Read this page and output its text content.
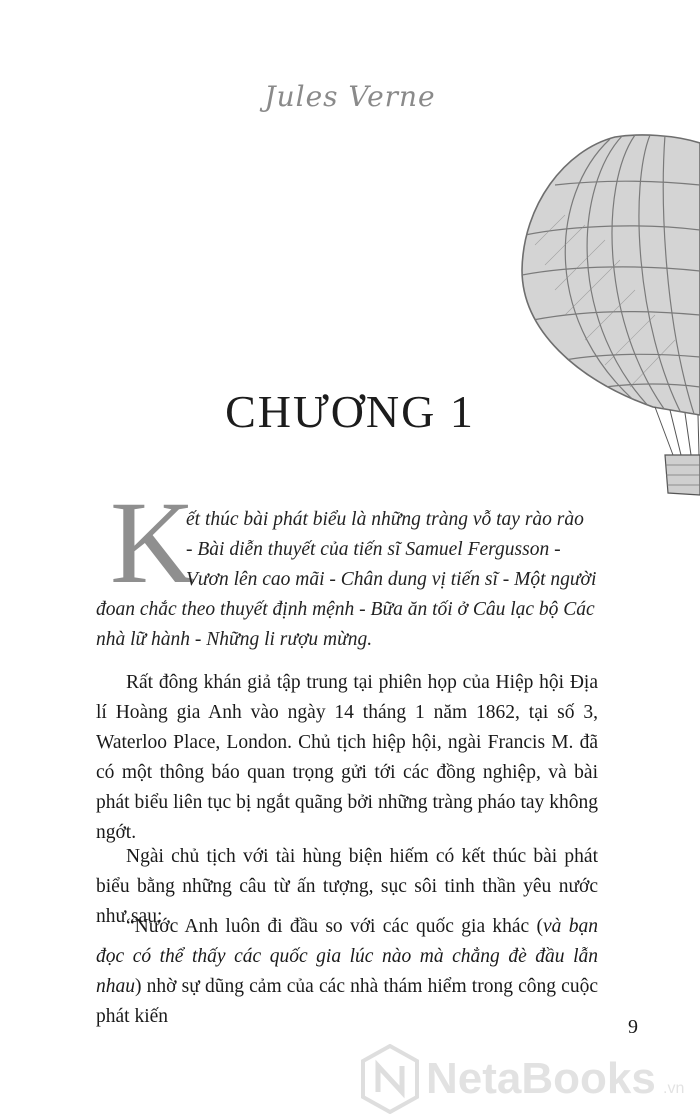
Jules Verne
CHƯƠNG 1
K
ết thúc bài phát biểu là những tràng vỗ tay rào rào
- Bài diễn thuyết của tiến sĩ Samuel Fergusson -
Vươn lên cao mãi - Chân dung vị tiến sĩ - Một người
đoan chắc theo thuyết định mệnh - Bữa ăn tối ở Câu lạc bộ Các
nhà lữ hành - Những li rượu mừng.

Rất đông khán giả tập trung tại phiên họp của Hiệp hội Địa lí Hoàng gia Anh vào ngày 14 tháng 1 năm 1862, tại số 3, Waterloo Place, London. Chủ tịch hiệp hội, ngài Francis M. đã có một thông báo quan trọng gửi tới các đồng nghiệp, và bài phát biểu liên tục bị ngắt quãng bởi những tràng pháo tay không ngớt.

Ngài chủ tịch với tài hùng biện hiếm có kết thúc bài phát biểu bằng những câu từ ấn tượng, sục sôi tinh thần yêu nước như sau:

“Nước Anh luôn đi đầu so với các quốc gia khác (và bạn đọc có thể thấy các quốc gia lúc nào mà chẳng đè đầu lẫn nhau) nhờ sự dũng cảm của các nhà thám hiểm trong công cuộc phát kiến	9
NetaBooks .vn
